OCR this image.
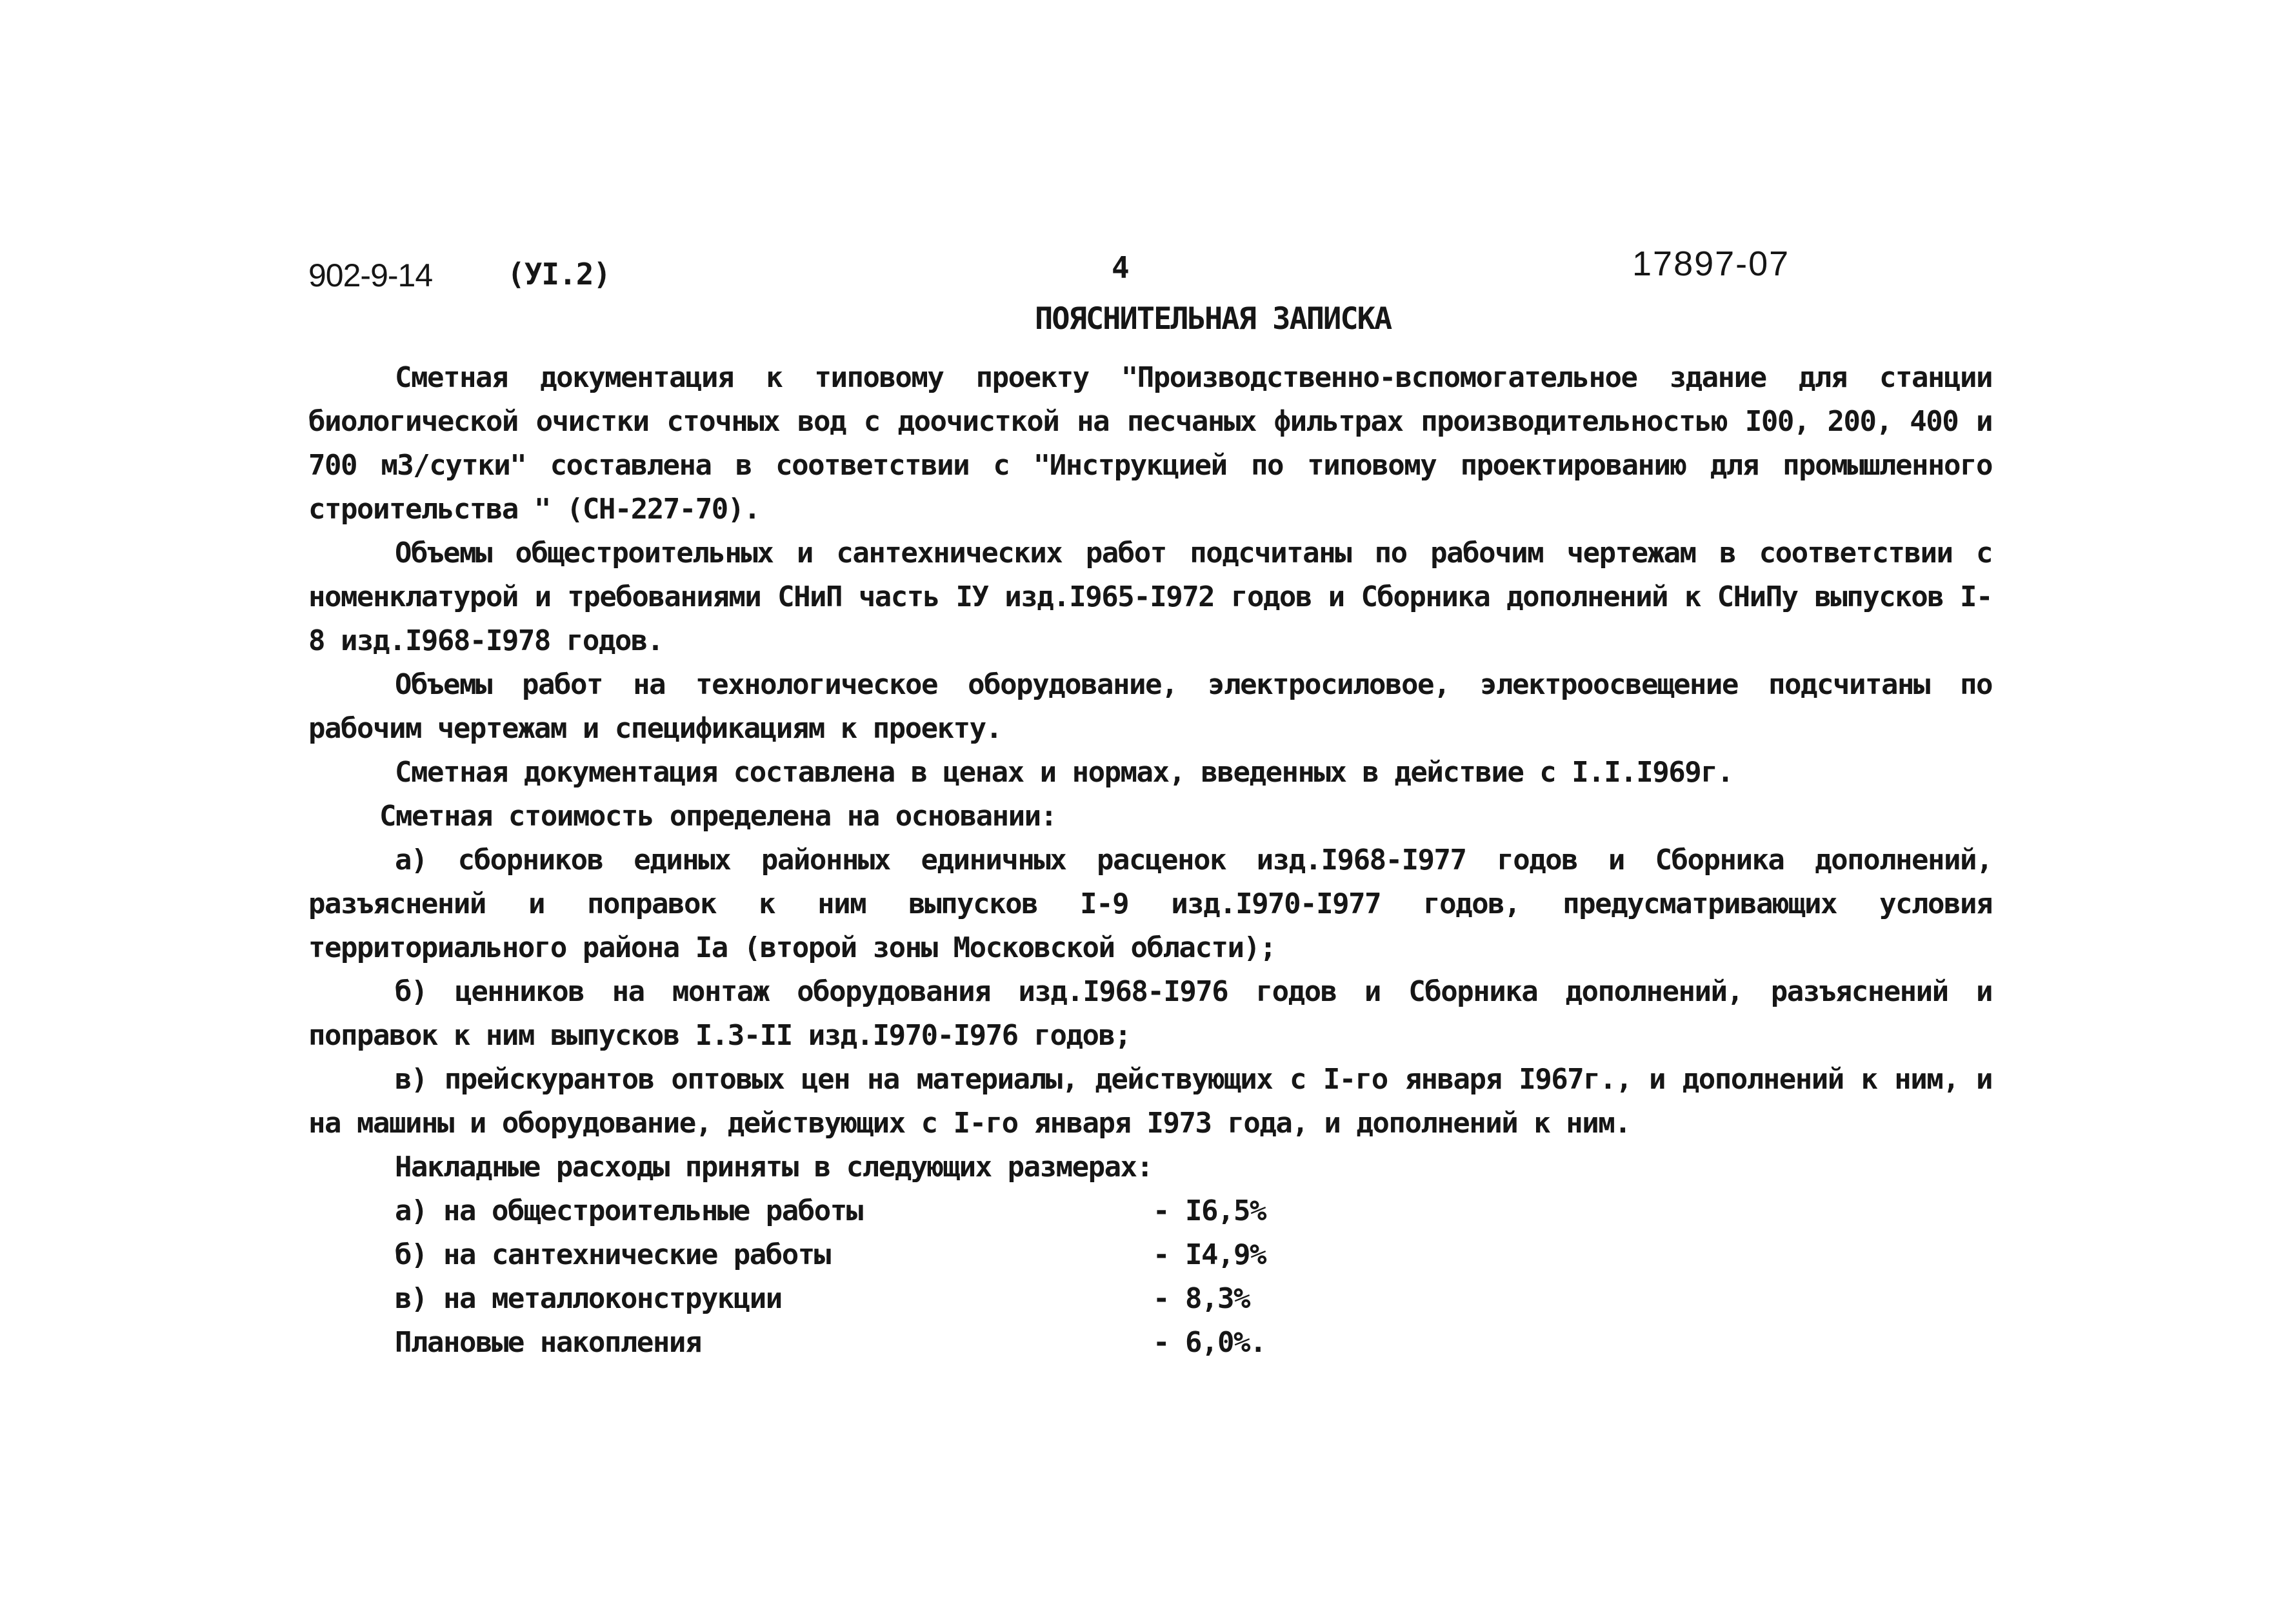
902-9-14	(УI.2)	4	17897-07
ПОЯСНИТЕЛЬНАЯ ЗАПИСКА

Сметная документация к типовому проекту "Производственно-вспомогательное здание для станции биологической очистки сточных вод с доочисткой на песчаных фильтрах производительностью I00, 200, 400 и 700 м3/сутки" составлена в соответствии с "Инструкцией по типовому проектированию для промышленного строительства " (СН-227-70).

Объемы общестроительных и сантехнических работ подсчитаны по рабочим чертежам в соответствии с номенклатурой и требованиями СНиП часть IУ изд.I965-I972 годов и Сборника дополнений к СНиПу выпусков I-8 изд.I968-I978 годов.

Объемы работ на технологическое оборудование, электросиловое, электроосвещение подсчитаны по рабочим чертежам и спецификациям к проекту.

Сметная документация составлена в ценах и нормах, введенных в действие с I.I.I969г.

Сметная стоимость определена на основании:

а) сборников единых районных единичных расценок изд.I968-I977 годов и Сборника дополнений, разъяснений и поправок к ним выпусков I-9 изд.I970-I977 годов, предусматривающих условия территориального района Iа (второй зоны Московской области);

б) ценников на монтаж оборудования изд.I968-I976 годов и Сборника дополнений, разъяснений и поправок к ним выпусков I.3-II изд.I970-I976 годов;

в) прейскурантов оптовых цен на материалы, действующих с I-го января I967г., и дополнений к ним, и на машины и оборудование, действующих с I-го января I973 года, и дополнений к ним.

Накладные расходы приняты в следующих размерах:

а) на общестроительные работы	- I6,5%
б) на сантехнические работы	- I4,9%
в) на металлоконструкции	- 8,3%
Плановые накопления	- 6,0%.
